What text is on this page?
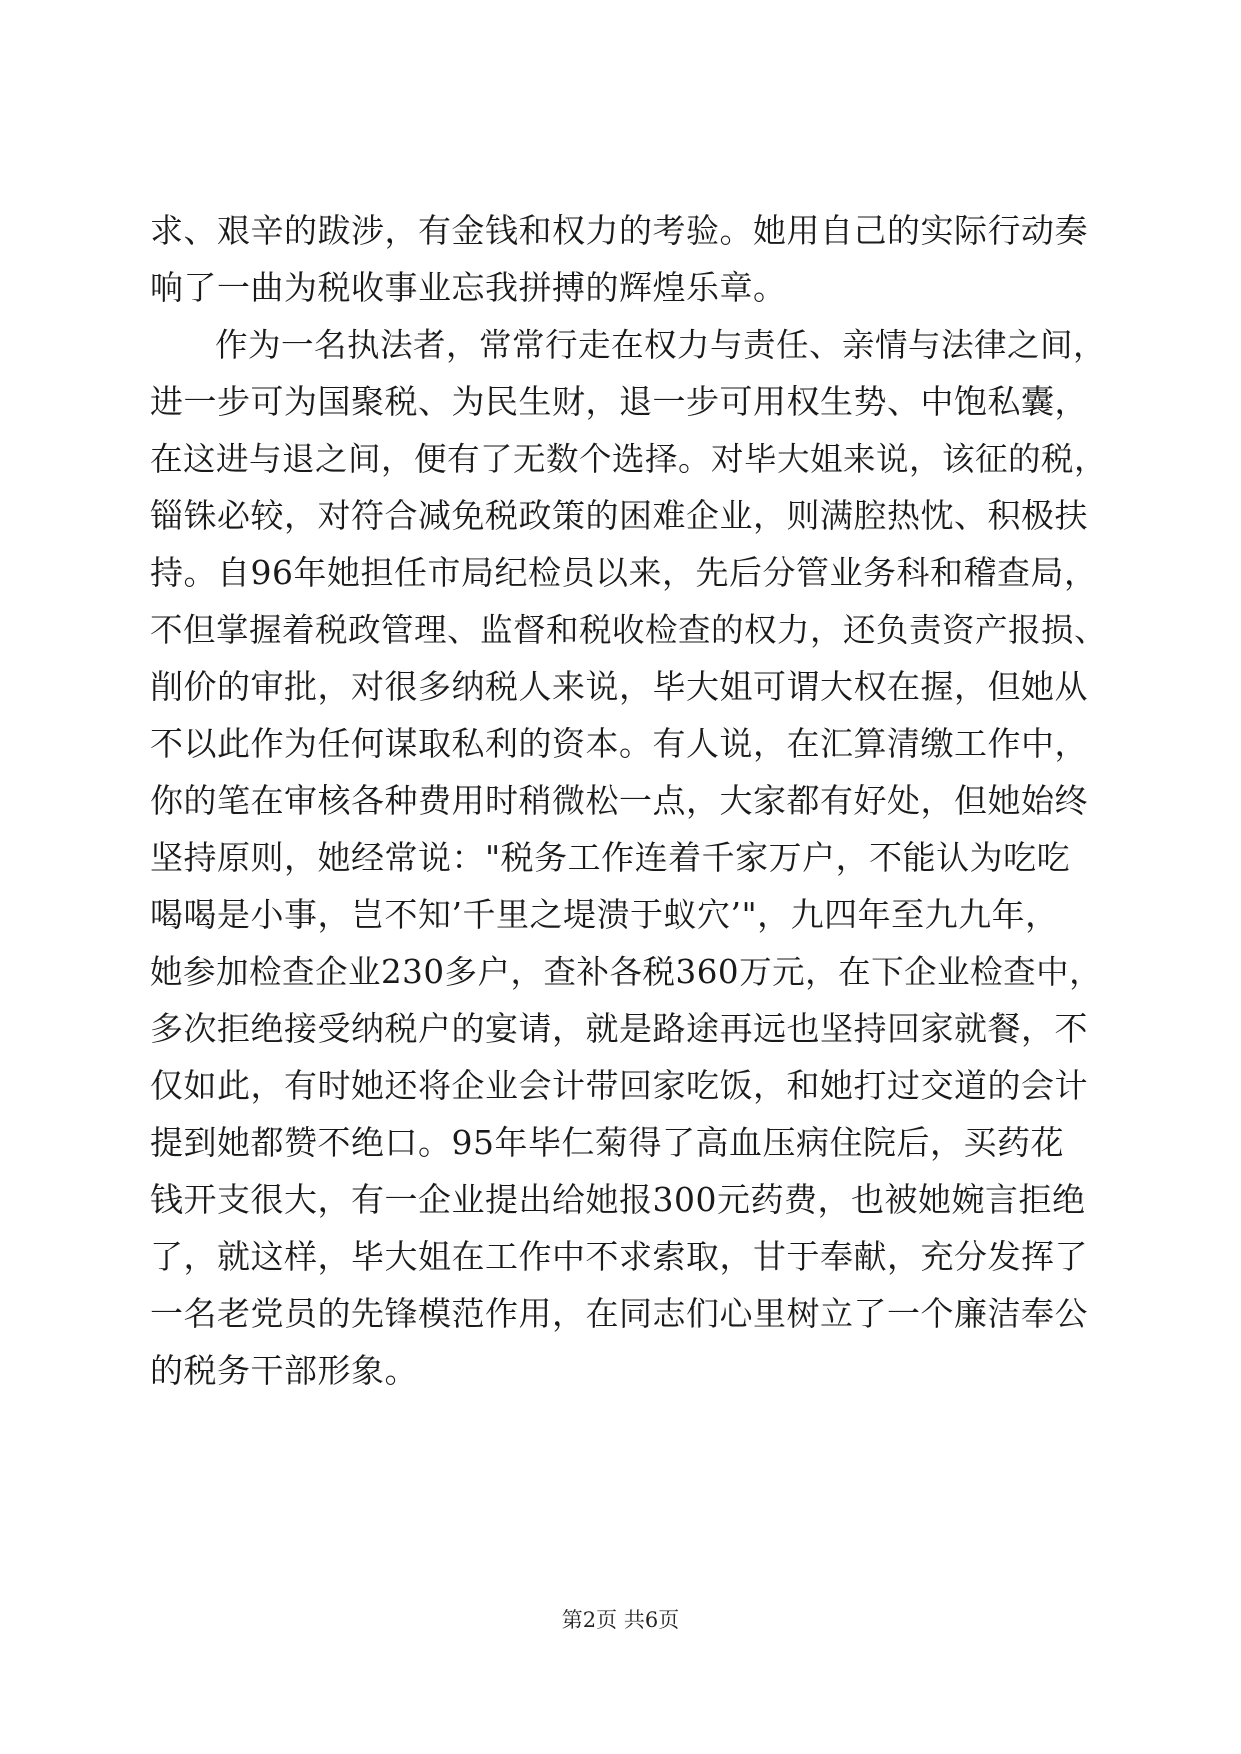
求、艰辛的跋涉，有金钱和权力的考验。她用自己的实际行动奏
响了一曲为税收事业忘我拼搏的辉煌乐章。
作为一名执法者，常常行走在权力与责任、亲情与法律之间，
进一步可为国聚税、为民生财，退一步可用权生势、中饱私囊，
在这进与退之间，便有了无数个选择。对毕大姐来说，该征的税，
锱铢必较，对符合减免税政策的困难企业，则满腔热忱、积极扶
持。自96年她担任市局纪检员以来，先后分管业务科和稽查局，
不但掌握着税政管理、监督和税收检查的权力，还负责资产报损、
削价的审批，对很多纳税人来说，毕大姐可谓大权在握，但她从
不以此作为任何谋取私利的资本。有人说，在汇算清缴工作中，
你的笔在审核各种费用时稍微松一点，大家都有好处，但她始终
坚持原则，她经常说："税务工作连着千家万户，不能认为吃吃
喝喝是小事，岂不知’千里之堤溃于蚁穴’"，九四年至九九年，
她参加检查企业230多户，查补各税360万元，在下企业检查中，
多次拒绝接受纳税户的宴请，就是路途再远也坚持回家就餐，不
仅如此，有时她还将企业会计带回家吃饭，和她打过交道的会计
提到她都赞不绝口。95年毕仁菊得了高血压病住院后，买药花
钱开支很大，有一企业提出给她报300元药费，也被她婉言拒绝
了，就这样，毕大姐在工作中不求索取，甘于奉献，充分发挥了
一名老党员的先锋模范作用，在同志们心里树立了一个廉洁奉公
的税务干部形象。
第2页 共6页
